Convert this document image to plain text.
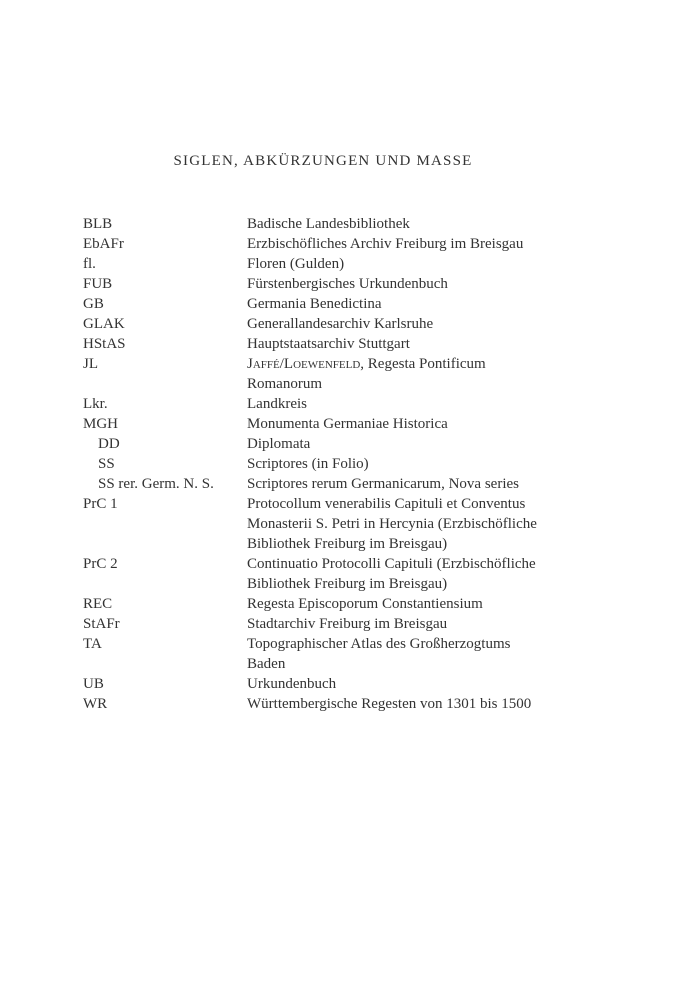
SIGLEN, ABKÜRZUNGEN UND MASSE
BLB	Badische Landesbibliothek
EbAFr	Erzbischöfliches Archiv Freiburg im Breisgau
fl.	Floren (Gulden)
FUB	Fürstenbergisches Urkundenbuch
GB	Germania Benedictina
GLAK	Generallandesarchiv Karlsruhe
HStAS	Hauptstaatsarchiv Stuttgart
JL	Jaffé/Loewenfeld, Regesta Pontificum
Romanorum
Lkr.	Landkreis
MGH	Monumenta Germaniae Historica
DD	Diplomata
SS	Scriptores (in Folio)
SS rer. Germ. N. S.	Scriptores rerum Germanicarum, Nova series
PrC 1	Protocollum venerabilis Capituli et Conventus
Monasterii S. Petri in Hercynia (Erzbischöfliche
Bibliothek Freiburg im Breisgau)
PrC 2	Continuatio Protocolli Capituli (Erzbischöfliche
Bibliothek Freiburg im Breisgau)
REC	Regesta Episcoporum Constantiensium
StAFr	Stadtarchiv Freiburg im Breisgau
TA	Topographischer Atlas des Großherzogtums
Baden
UB	Urkundenbuch
WR	Württembergische Regesten von 1301 bis 1500
